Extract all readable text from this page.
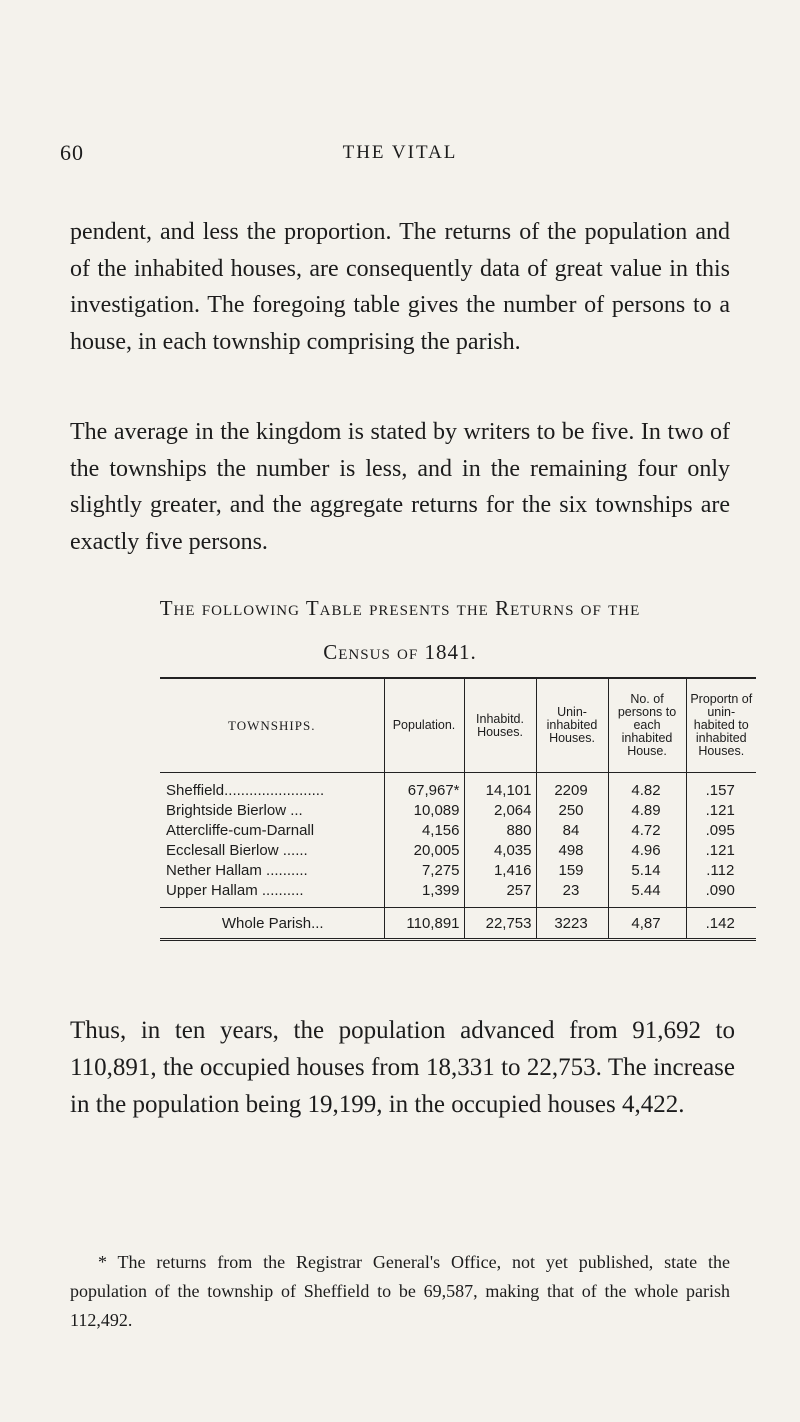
60	THE VITAL

pendent, and less the proportion. The returns of the population and of the inhabited houses, are consequently data of great value in this investigation. The foregoing table gives the number of persons to a house, in each township comprising the parish.

The average in the kingdom is stated by writers to be five. In two of the townships the number is less, and in the remaining four only slightly greater, and the aggregate returns for the six townships are exactly five persons.

The following Table presents the Returns of the
Census of 1841.
TOWNSHIPS.	Population.	Inhabitd. Houses.	Unin- inhabited Houses.	No. of persons to each inhabited House.	Proportn of unin- habited to inhabited Houses.
Sheffield........................	67,967*	14,101	2209	4.82	.157
Brightside Bierlow ...	10,089	2,064	250	4.89	.121
Attercliffe-cum-Darnall	4,156	880	84	4.72	.095
Ecclesall Bierlow ......	20,005	4,035	498	4.96	.121
Nether Hallam ..........	7,275	1,416	159	5.14	.112
Upper Hallam ..........	1,399	257	23	5.44	.090
Whole Parish...	110,891	22,753	3223	4,87	.142

Thus, in ten years, the population advanced from 91,692 to 110,891, the occupied houses from 18,331 to 22,753. The increase in the population being 19,199, in the occupied houses 4,422.

* The returns from the Registrar General's Office, not yet published, state the population of the township of Sheffield to be 69,587, making that of the whole parish 112,492.
